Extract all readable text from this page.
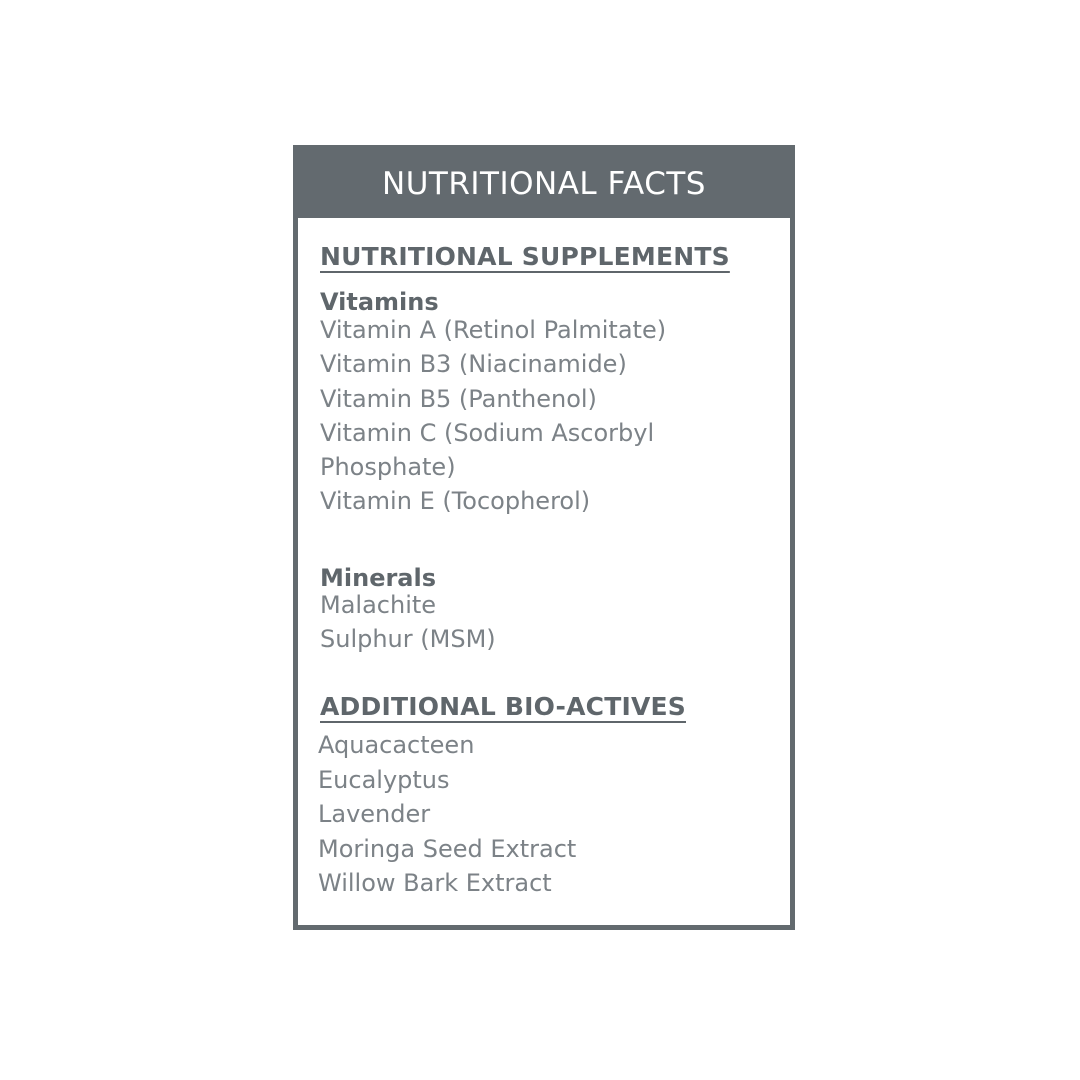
NUTRITIONAL FACTS
NUTRITIONAL SUPPLEMENTS
Vitamins
Vitamin A (Retinol Palmitate)
Vitamin B3 (Niacinamide)
Vitamin B5 (Panthenol)
Vitamin C (Sodium Ascorbyl
Phosphate)
Vitamin E (Tocopherol)
Minerals
Malachite
Sulphur (MSM)
ADDITIONAL BIO-ACTIVES
Aquacacteen
Eucalyptus
Lavender
Moringa Seed Extract
Willow Bark Extract
